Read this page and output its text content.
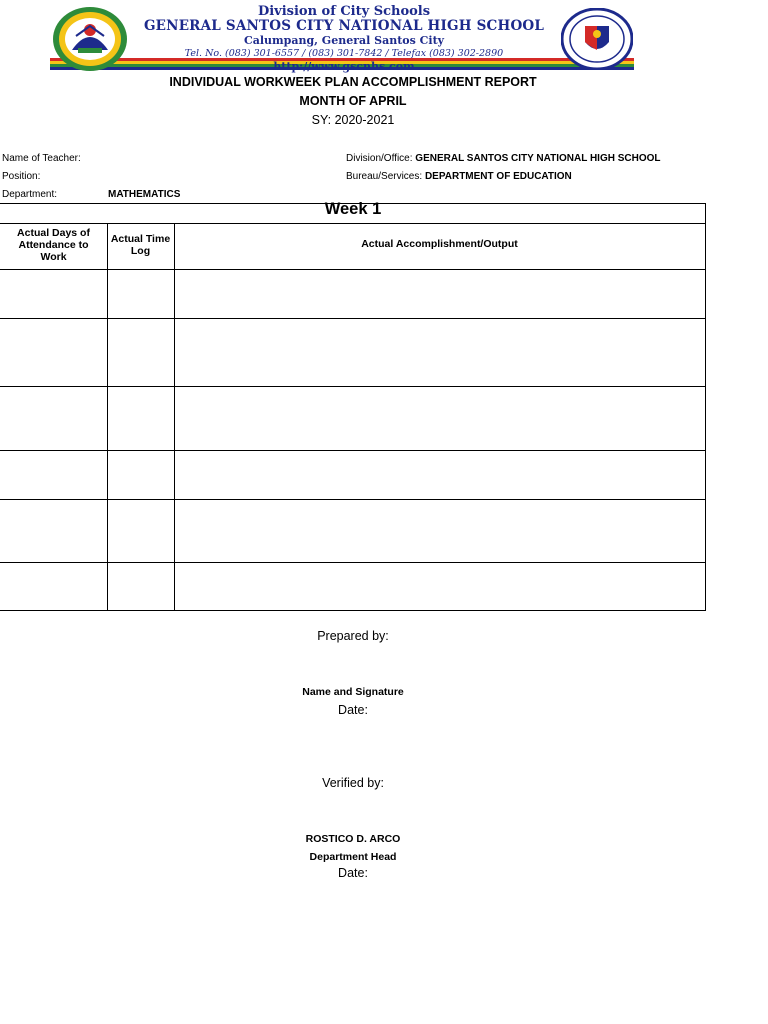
Division of City Schools
GENERAL SANTOS CITY NATIONAL HIGH SCHOOL
Calumpang, General Santos City
Tel. No. (083) 301-6557 / (083) 301-7842 / Telefax (083) 302-2890
http://www.gscnhs.com
INDIVIDUAL WORKWEEK PLAN ACCOMPLISHMENT REPORT
MONTH OF APRIL
SY: 2020-2021
Name of Teacher:
Position:
Department:	MATHEMATICS
Division/Office: GENERAL SANTOS CITY NATIONAL HIGH SCHOOL
Bureau/Services: DEPARTMENT OF EDUCATION
Week 1
Actual Days of
Attendance to
Work
Actual Time
Log
Actual Accomplishment/Output
Prepared by:
Name and Signature
Date:
Verified by:
ROSTICO D. ARCO
Department Head
Date:
